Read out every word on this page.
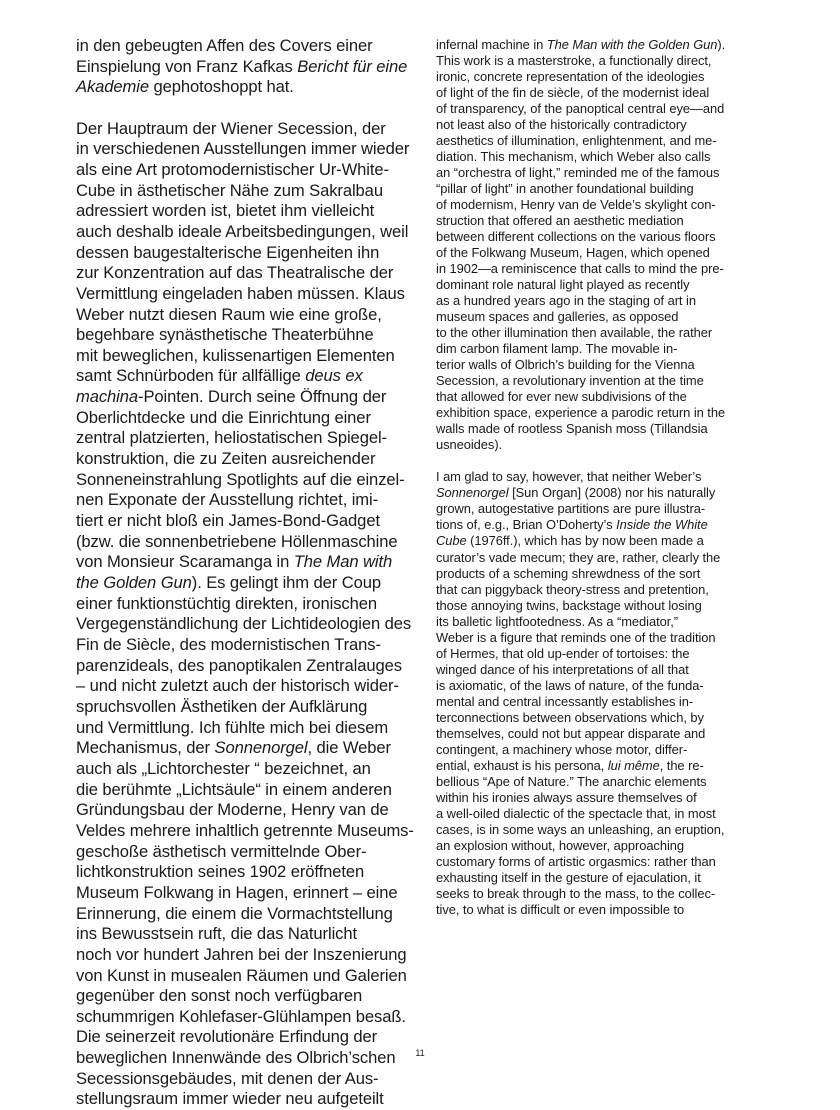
in den gebeugten Affen des Covers einer
Einspielung von Franz Kafkas Bericht für eine
Akademie gephotoshoppt hat.
Der Hauptraum der Wiener Secession, der
in verschiedenen Ausstellungen immer wieder
als eine Art protomodernistischer Ur-White-
Cube in ästhetischer Nähe zum Sakralbau
adressiert worden ist, bietet ihm vielleicht
auch deshalb ideale Arbeitsbedingungen, weil
dessen baugestalterische Eigenheiten ihn
zur Konzentration auf das Theatralische der
Vermittlung eingeladen haben müssen. Klaus
Weber nutzt diesen Raum wie eine große,
begehbare synästhetische Theaterbühne
mit beweglichen, kulissenartigen Elementen
samt Schnürboden für allfällige deus ex
machina-Pointen. Durch seine Öffnung der
Oberlichtdecke und die Einrichtung einer
zentral platzierten, heliostatischen Spiegel-
konstruktion, die zu Zeiten ausreichender
Sonneneinstrahlung Spotlights auf die einzel-
nen Exponate der Ausstellung richtet, imi-
tiert er nicht bloß ein James-Bond-Gadget
(bzw. die sonnenbetriebene Höllenmaschine
von Monsieur Scaramanga in The Man with
the Golden Gun). Es gelingt ihm der Coup
einer funktionstüchtig direkten, ironischen
Vergegenständlichung der Lichtideologien des
Fin de Siècle, des modernistischen Trans-
parenzideals, des panoptikalen Zentralauges
– und nicht zuletzt auch der historisch wider-
spruchsvollen Ästhetiken der Aufklärung
und Vermittlung. Ich fühlte mich bei diesem
Mechanismus, der Sonnenorgel, die Weber
auch als „Lichtorchester “ bezeichnet, an
die berühmte „Lichtsäule“ in einem anderen
Gründungsbau der Moderne, Henry van de
Veldes mehrere inhaltlich getrennte Museums-
geschoße ästhetisch vermittelnde Ober-
lichtkonstruktion seines 1902 eröffneten
Museum Folkwang in Hagen, erinnert – eine
Erinnerung, die einem die Vormachtstellung
ins Bewusstsein ruft, die das Naturlicht
noch vor hundert Jahren bei der Inszenierung
von Kunst in musealen Räumen und Galerien
gegenüber den sonst noch verfügbaren
schummrigen Kohlefaser-Glühlampen besaß.
Die seinerzeit revolutionäre Erfindung der
beweglichen Innenwände des Olbrich’schen
Secessionsgebäudes, mit denen der Aus-
stellungsraum immer wieder neu aufgeteilt
infernal machine in The Man with the Golden Gun).
This work is a masterstroke, a functionally direct,
ironic, concrete representation of the ideologies
of light of the fin de siècle, of the modernist ideal
of transparency, of the panoptical central eye—and
not least also of the historically contradictory
aesthetics of illumination, enlightenment, and me-
diation. This mechanism, which Weber also calls
an “orchestra of light,” reminded me of the famous
“pillar of light” in another foundational building
of modernism, Henry van de Velde’s skylight con-
struction that offered an aesthetic mediation
between different collections on the various floors
of the Folkwang Museum, Hagen, which opened
in 1902—a reminiscence that calls to mind the pre-
dominant role natural light played as recently
as a hundred years ago in the staging of art in
museum spaces and galleries, as opposed
to the other illumination then available, the rather
dim carbon filament lamp. The movable in-
terior walls of Olbrich’s building for the Vienna
Secession, a revolutionary invention at the time
that allowed for ever new subdivisions of the
exhibition space, experience a parodic return in the
walls made of rootless Spanish moss (Tillandsia
usneoides).
I am glad to say, however, that neither Weber’s
Sonnenorgel [Sun Organ] (2008) nor his naturally
grown, autogestative partitions are pure illustra-
tions of, e.g., Brian O’Doherty’s Inside the White
Cube (1976ff.), which has by now been made a
curator’s vade mecum; they are, rather, clearly the
products of a scheming shrewdness of the sort
that can piggyback theory-stress and pretention,
those annoying twins, backstage without losing
its balletic lightfootedness. As a “mediator,”
Weber is a figure that reminds one of the tradition
of Hermes, that old up-ender of tortoises: the
winged dance of his interpretations of all that
is axiomatic, of the laws of nature, of the funda-
mental and central incessantly establishes in-
terconnections between observations which, by
themselves, could not but appear disparate and
contingent, a machinery whose motor, differ-
ential, exhaust is his persona, lui même, the re-
bellious “Ape of Nature.” The anarchic elements
within his ironies always assure themselves of
a well-oiled dialectic of the spectacle that, in most
cases, is in some ways an unleashing, an eruption,
an explosion without, however, approaching
customary forms of artistic orgasmics: rather than
exhausting itself in the gesture of ejaculation, it
seeks to break through to the mass, to the collec-
tive, to what is difficult or even impossible to
11
